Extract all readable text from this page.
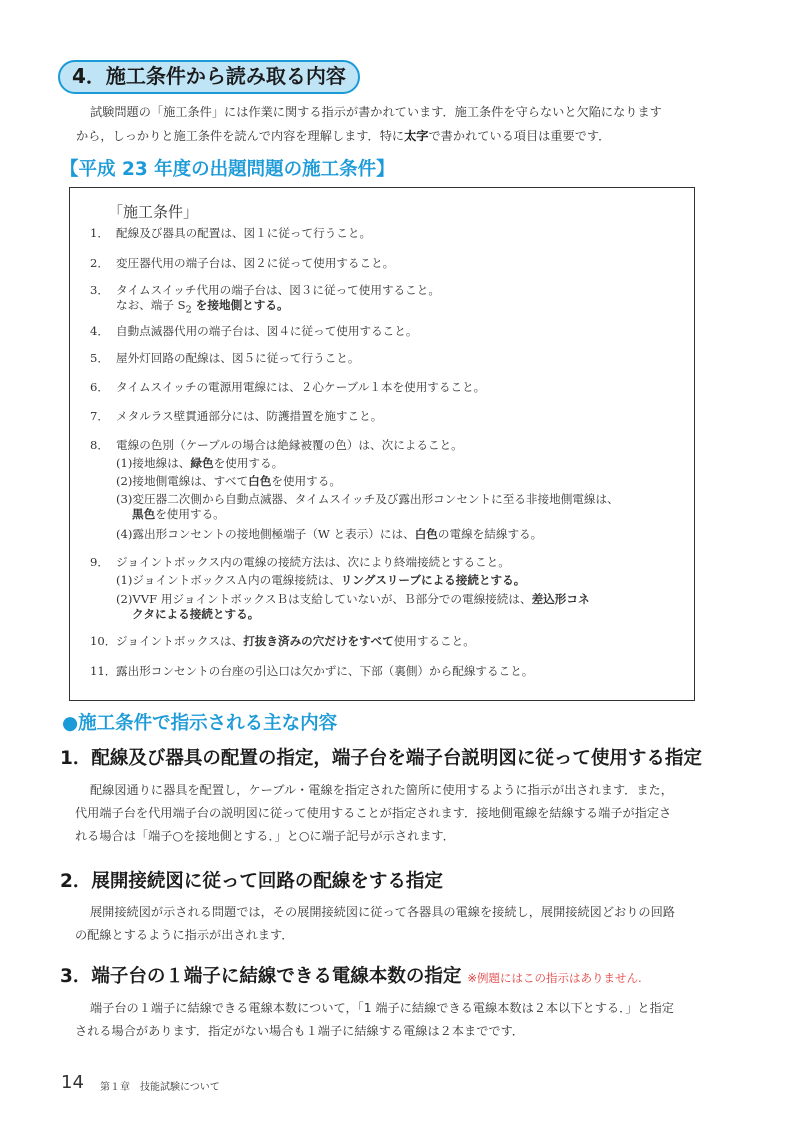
4．施工条件から読み取る内容
試験問題の「施工条件」には作業に関する指示が書かれています．施工条件を守らないと欠陥になります
から，しっかりと施工条件を読んで内容を理解します．特に太字で書かれている項目は重要です．
【平成 23 年度の出題問題の施工条件】
「施工条件」
1． 配線及び器具の配置は、図１に従って行うこと。
2． 変圧器代用の端子台は、図２に従って使用すること。
3． タイムスイッチ代用の端子台は、図３に従って使用すること。
なお、端子 $S_2$ を接地側とする。
4． 自動点滅器代用の端子台は、図４に従って使用すること。
5． 屋外灯回路の配線は、図５に従って行うこと。
6． タイムスイッチの電源用電線には、２心ケーブル１本を使用すること。
7． メタルラス壁貫通部分には、防護措置を施すこと。
8． 電線の色別（ケーブルの場合は絶縁被覆の色）は、次によること。
(1)接地線は、緑色を使用する。
(2)接地側電線は、すべて白色を使用する。
(3)変圧器二次側から自動点滅器、タイムスイッチ及び露出形コンセントに至る非接地側電線は、
黒色を使用する。
(4)露出形コンセントの接地側極端子（W と表示）には、白色の電線を結線する。
9． ジョイントボックス内の電線の接続方法は、次により終端接続とすること。
(1)ジョイントボックスＡ内の電線接続は、リングスリーブによる接続とする。
(2)VVF 用ジョイントボックスＢは支給していないが、Ｂ部分での電線接続は、差込形コネ
クタによる接続とする。
10．ジョイントボックスは、打抜き済みの穴だけをすべて使用すること。
11．露出形コンセントの台座の引込口は欠かずに、下部（裏側）から配線すること。
●施工条件で指示される主な内容
1．配線及び器具の配置の指定，端子台を端子台説明図に従って使用する指定
配線図通りに器具を配置し，ケーブル・電線を指定された箇所に使用するように指示が出されます．また，
代用端子台を代用端子台の説明図に従って使用することが指定されます．接地側電線を結線する端子が指定さ
れる場合は「端子○を接地側とする．」と○に端子記号が示されます．
2．展開接続図に従って回路の配線をする指定
展開接続図が示される問題では，その展開接続図に従って各器具の電線を接続し，展開接続図どおりの回路
の配線とするように指示が出されます．
3．端子台の１端子に結線できる電線本数の指定 ※例題にはこの指示はありません.
端子台の１端子に結線できる電線本数について，「1 端子に結線できる電線本数は２本以下とする．」と指定
される場合があります．指定がない場合も１端子に結線する電線は２本までです．
14 第１章　技能試験について
